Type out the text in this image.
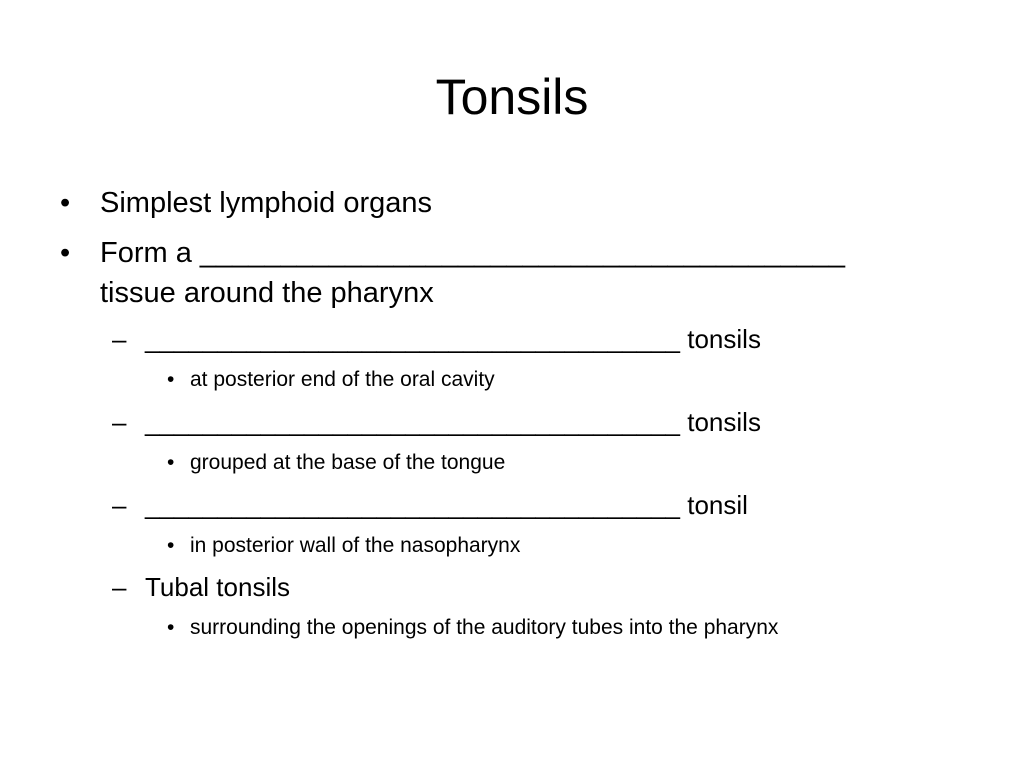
Tonsils
• Simplest lymphoid organs
• Form a ________________________________________
tissue around the pharynx
– _____________________________________ tonsils
• at posterior end of the oral cavity
– _____________________________________ tonsils
• grouped at the base of the tongue
– _____________________________________ tonsil
• in posterior wall of the nasopharynx
– Tubal tonsils
• surrounding the openings of the auditory tubes into the pharynx
